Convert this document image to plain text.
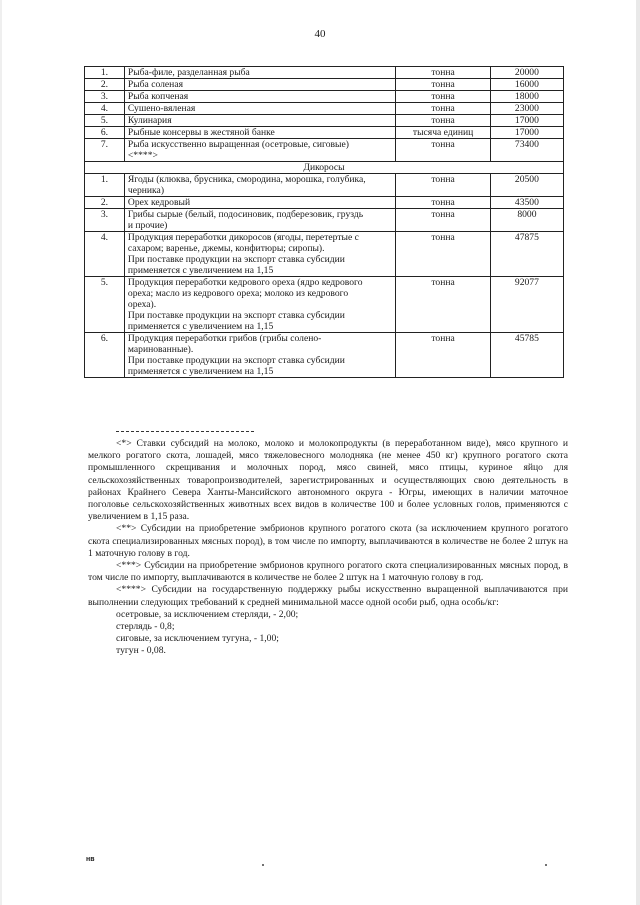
40
1.	Рыба-филе, разделанная рыба	тонна	20000
2.	Рыба соленая	тонна	16000
3.	Рыба копченая	тонна	18000
4.	Сушено-вяленая	тонна	23000
5.	Кулинария	тонна	17000
6.	Рыбные консервы в жестяной банке	тысяча единиц	17000
7.	Рыба искусственно выращенная (осетровые, сиговые)
<****>	тонна	73400
Дикоросы			
1.	Ягоды (клюква, брусника, смородина, морошка, голубика,
черника)	тонна	20500
2.	Орех кедровый	тонна	43500
3.	Грибы сырые (белый, подосиновик, подберезовик, груздь
и прочие)	тонна	8000
4.	Продукция переработки дикоросов (ягоды, перетертые с
сахаром; варенье, джемы, конфитюры; сиропы).
При поставке продукции на экспорт ставка субсидии
применяется с увеличением на 1,15	тонна	47875
5.	Продукция переработки кедрового ореха (ядро кедрового
ореха; масло из кедрового ореха; молоко из кедрового
ореха).
При поставке продукции на экспорт ставка субсидии
применяется с увеличением на 1,15	тонна	92077
6.	Продукция переработки грибов (грибы солено-
маринованные).
При поставке продукции на экспорт ставка субсидии
применяется с увеличением на 1,15	тонна	45785

<*> Ставки субсидий на молоко, молоко и молокопродукты (в переработанном виде), мясо крупного и мелкого рогатого скота, лошадей, мясо тяжеловесного молодняка (не менее 450 кг) крупного рогатого скота промышленного скрещивания и молочных пород, мясо свиней, мясо птицы, куриное яйцо для сельскохозяйственных товаропроизводителей, зарегистрированных и осуществляющих свою деятельность в районах Крайнего Севера Ханты-Мансийского автономного округа - Югры, имеющих в наличии маточное поголовье сельскохозяйственных животных всех видов в количестве 100 и более условных голов, применяются с увеличением в 1,15 раза.

<**> Субсидии на приобретение эмбрионов крупного рогатого скота (за исключением крупного рогатого скота специализированных мясных пород), в том числе по импорту, выплачиваются в количестве не более 2 штук на 1 маточную голову в год.

<***> Субсидии на приобретение эмбрионов крупного рогатого скота специализированных мясных пород, в том числе по импорту, выплачиваются в количестве не более 2 штук на 1 маточную голову в год.

<****> Субсидии на государственную поддержку рыбы искусственно выращенной выплачиваются при выполнении следующих требований к средней минимальной массе одной особи рыб, одна особь/кг:

осетровые, за исключением стерляди, - 2,00;
стерлядь - 0,8;
сиговые, за исключением тугуна, - 1,00;
тугун - 0,08.
нв
